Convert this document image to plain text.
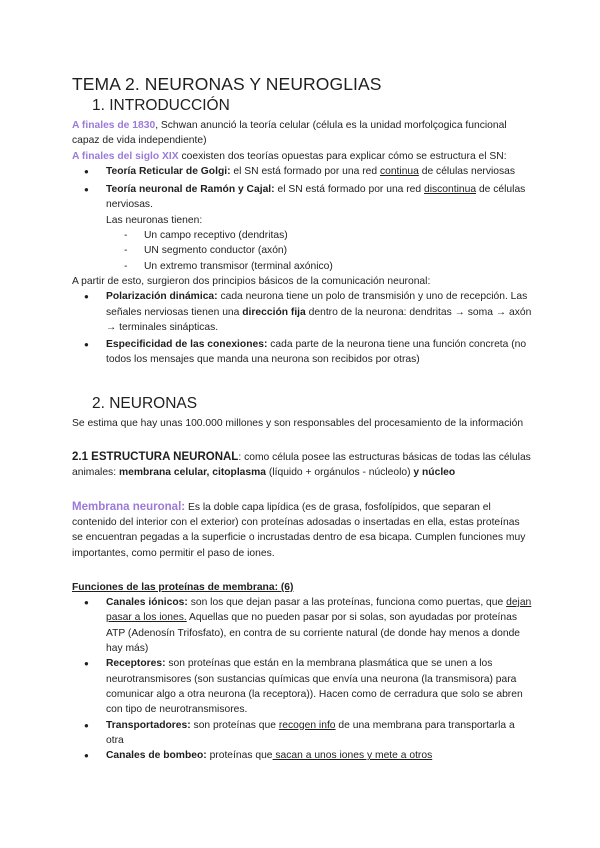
TEMA 2. NEURONAS Y NEUROGLIAS
1. INTRODUCCIÓN

A finales de 1830, Schwan anunció la teoría celular (célula es la unidad morfolçogica funcional capaz de vida independiente)

A finales del siglo XIX coexisten dos teorías opuestas para explicar cómo se estructura el SN:

● Teoría Reticular de Golgi: el SN está formado por una red continua de células nerviosas
● Teoría neuronal de Ramón y Cajal: el SN está formado por una red discontinua de células nerviosas.
Las neuronas tienen:
- Un campo receptivo (dendritas)
- UN segmento conductor (axón)
- Un extremo transmisor (terminal axónico)

A partir de esto, surgieron dos principios básicos de la comunicación neuronal:

● Polarización dinámica: cada neurona tiene un polo de transmisión y uno de recepción. Las señales nerviosas tienen una dirección fija dentro de la neurona: dendritas → soma → axón → terminales sinápticas.
● Especificidad de las conexiones: cada parte de la neurona tiene una función concreta (no todos los mensajes que manda una neurona son recibidos por otras)
2. NEURONAS

Se estima que hay unas 100.000 millones y son responsables del procesamiento de la información

2.1 ESTRUCTURA NEURONAL: como célula posee las estructuras básicas de todas las células animales: membrana celular, citoplasma (líquido + orgánulos - núcleolo) y núcleo

Membrana neuronal: Es la doble capa lipídica (es de grasa, fosfolípidos, que separan el contenido del interior con el exterior) con proteínas adosadas o insertadas en ella, estas proteínas se encuentran pegadas a la superficie o incrustadas dentro de esa bicapa. Cumplen funciones muy importantes, como permitir el paso de iones.

Funciones de las proteínas de membrana: (6)

● Canales iónicos: son los que dejan pasar a las proteínas, funciona como puertas, que dejan pasar a los iones. Aquellas que no pueden pasar por si solas, son ayudadas por proteínas ATP (Adenosín Trifosfato), en contra de su corriente natural (de donde hay menos a donde hay más)
● Receptores: son proteínas que están en la membrana plasmática que se unen a los neurotransmisores (son sustancias químicas que envía una neurona (la transmisora) para comunicar algo a otra neurona (la receptora)). Hacen como de cerradura que solo se abren con tipo de neurotransmisores.
● Transportadores: son proteínas que recogen info de una membrana para transportarla a otra
● Canales de bombeo: proteínas que sacan a unos iones y mete a otros
